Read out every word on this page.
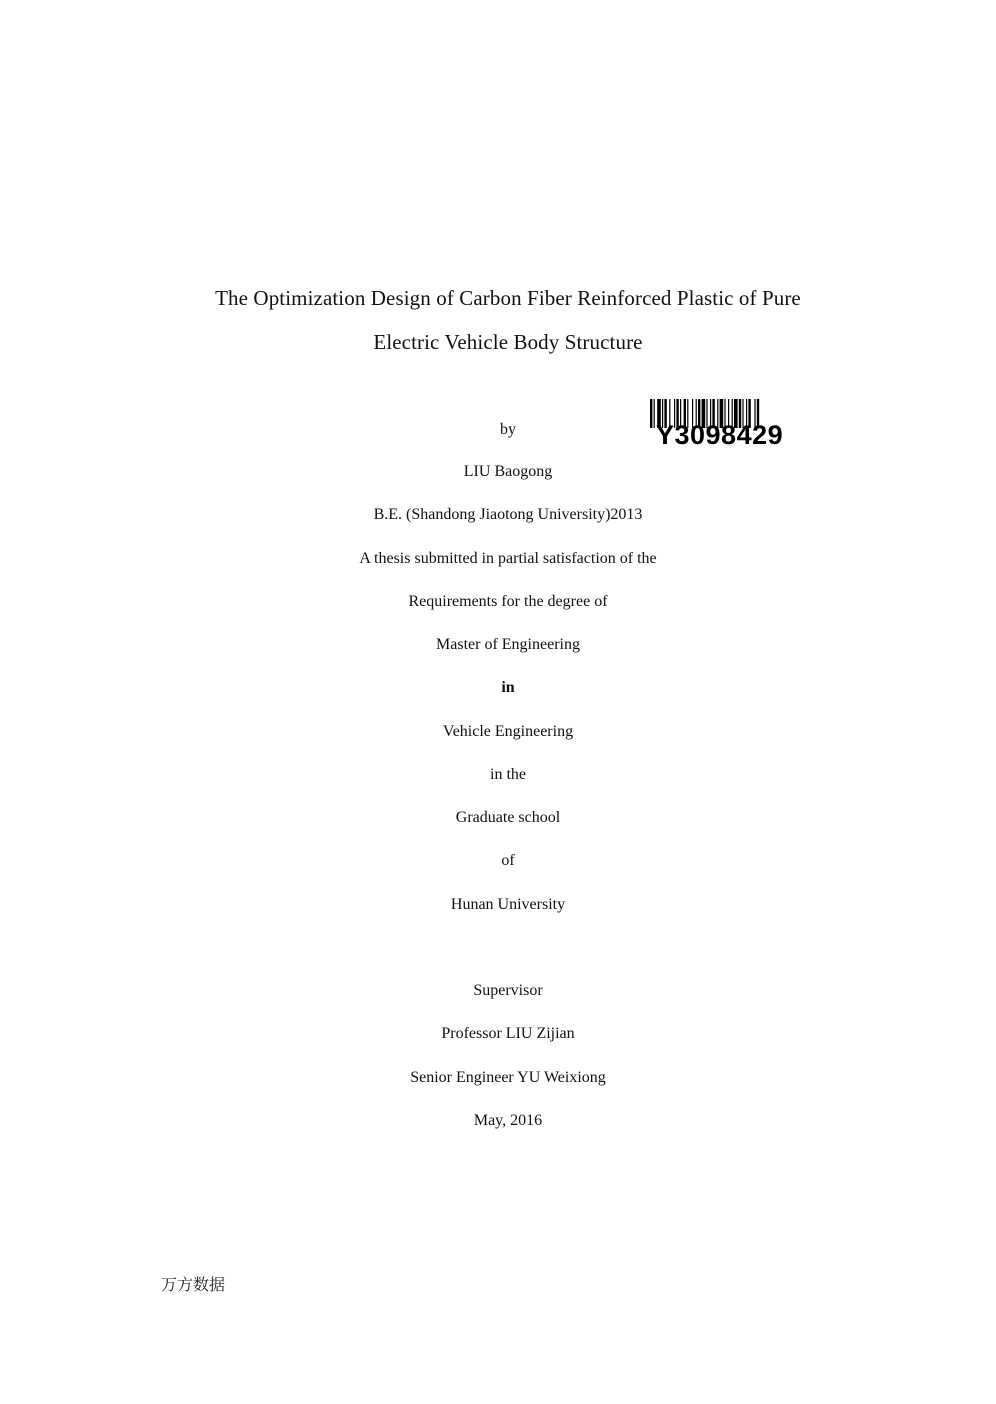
The Optimization Design of Carbon Fiber Reinforced Plastic of Pure
Electric Vehicle Body Structure
Y3098429
by
LIU Baogong
B.E. (Shandong Jiaotong University)2013
A thesis submitted in partial satisfaction of the
Requirements for the degree of
Master of Engineering
in
Vehicle Engineering
in the
Graduate school
of
Hunan University
Supervisor
Professor LIU Zijian
Senior Engineer YU Weixiong
May, 2016
万方数据
